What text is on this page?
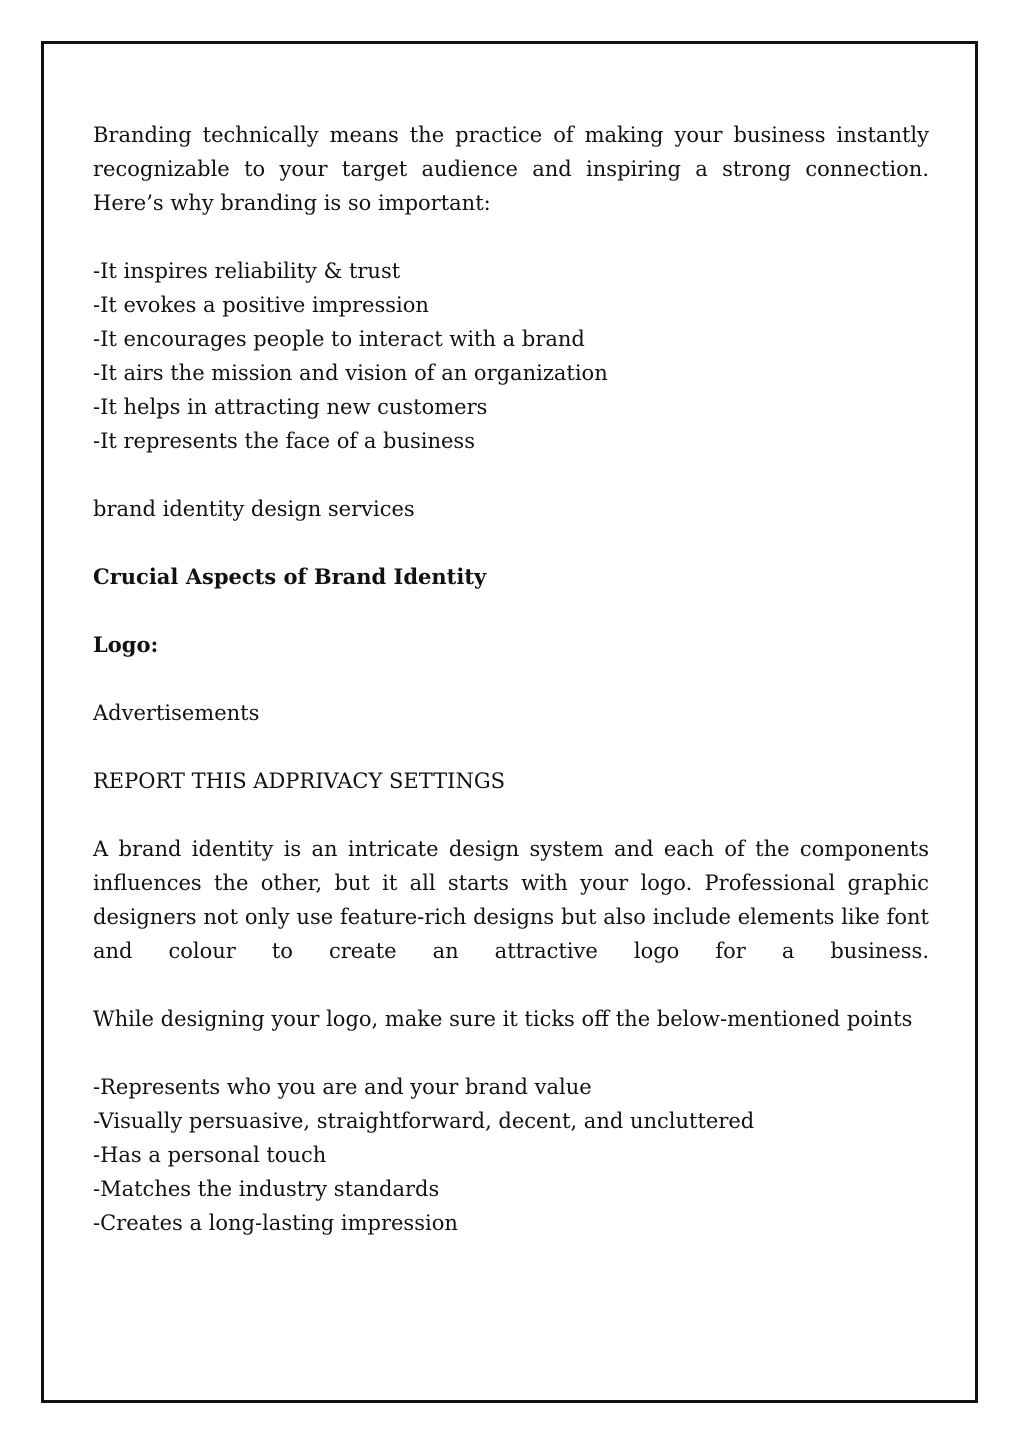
Branding technically means the practice of making your business instantly recognizable to your target audience and inspiring a strong connection. Here’s why branding is so important:

-It inspires reliability & trust
-It evokes a positive impression
-It encourages people to interact with a brand
-It airs the mission and vision of an organization
-It helps in attracting new customers
-It represents the face of a business
brand identity design services
Crucial Aspects of Brand Identity
Logo:
Advertisements
REPORT THIS ADPRIVACY SETTINGS
A brand identity is an intricate design system and each of the components
influences the other, but it all starts with your logo. Professional graphic
designers not only use feature-rich designs but also include elements like font
and colour to create an attractive logo for a business.
While designing your logo, make sure it ticks off the below-mentioned points
-Represents who you are and your brand value
-Visually persuasive, straightforward, decent, and uncluttered
-Has a personal touch
-Matches the industry standards
-Creates a long-lasting impression
